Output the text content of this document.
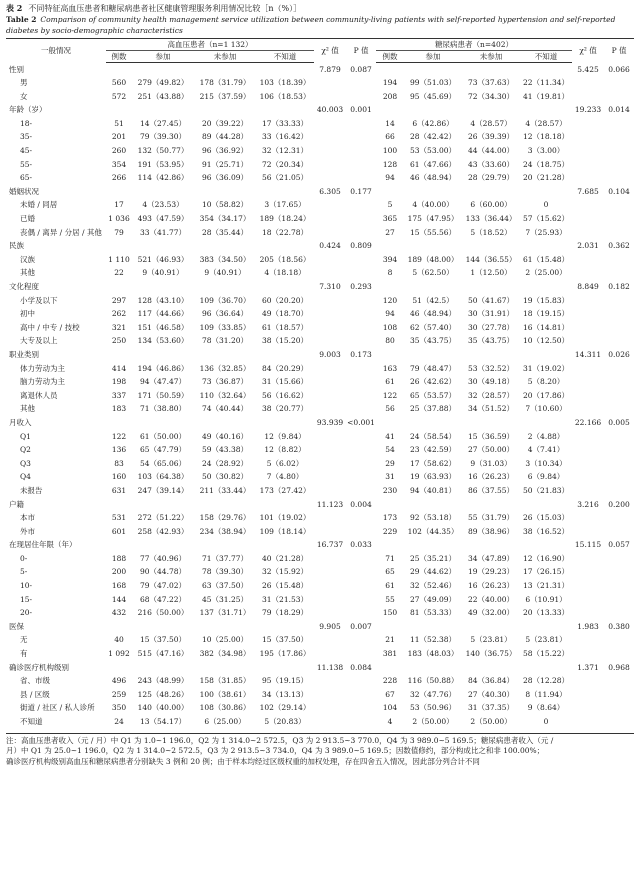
表 2 不同特征高血压患者和糖尿病患者社区健康管理服务利用情况比较［n（%）］
Table 2 Comparison of community health management service utilization between community-living patients with self-reported hypertension and self-reported diabetes by socio-demographic characteristics
一般情况	高血压患者（n=1 132）				χ² 值	P 值	糖尿病患者（n=402）				χ² 值	P 值
	例数	参加	未参加	不知道			例数	参加	未参加	不知道		
性别					7.879	0.087					5.425	0.066
男	560	279（49.82）	178（31.79）	103（18.39）			194	99（51.03）	73（37.63）	22（11.34）		
女	572	251（43.88）	215（37.59）	106（18.53）			208	95（45.69）	72（34.30）	41（19.81）		
年龄（岁）					40.003	0.001					19.233	0.014
18-	51	14（27.45）	20（39.22）	17（33.33）			14	6（42.86）	4（28.57）	4（28.57）		
35-	201	79（39.30）	89（44.28）	33（16.42）			66	28（42.42）	26（39.39）	12（18.18）		
45-	260	132（50.77）	96（36.92）	32（12.31）			100	53（53.00）	44（44.00）	3（3.00）		
55-	354	191（53.95）	91（25.71）	72（20.34）			128	61（47.66）	43（33.60）	24（18.75）		
65-	266	114（42.86）	96（36.09）	56（21.05）			94	46（48.94）	28（29.79）	20（21.28）		
婚姻状况					6.305	0.177					7.685	0.104
未婚 / 同居	17	4（23.53）	10（58.82）	3（17.65）			5	4（40.00）	6（60.00）	0		
已婚	1 036	493（47.59）	354（34.17）	189（18.24）			365	175（47.95）	133（36.44）	57（15.62）		
丧偶 / 离异 / 分居 / 其他	79	33（41.77）	28（35.44）	18（22.78）			27	15（55.56）	5（18.52）	7（25.93）		
民族					0.424	0.809					2.031	0.362
汉族	1 110	521（46.93）	383（34.50）	205（18.56）			394	189（48.00）	144（36.55）	61（15.48）		
其他	22	9（40.91）	9（40.91）	4（18.18）			8	5（62.50）	1（12.50）	2（25.00）		
文化程度					7.310	0.293					8.849	0.182
小学及以下	297	128（43.10）	109（36.70）	60（20.20）			120	51（42.5）	50（41.67）	19（15.83）		
初中	262	117（44.66）	96（36.64）	49（18.70）			94	46（48.94）	30（31.91）	18（19.15）		
高中 / 中专 / 技校	321	151（46.58）	109（33.85）	61（18.57）			108	62（57.40）	30（27.78）	16（14.81）		
大专及以上	250	134（53.60）	78（31.20）	38（15.20）			80	35（43.75）	35（43.75）	10（12.50）		
职业类别					9.003	0.173					14.311	0.026
体力劳动为主	414	194（46.86）	136（32.85）	84（20.29）			163	79（48.47）	53（32.52）	31（19.02）		
脑力劳动为主	198	94（47.47）	73（36.87）	31（15.66）			61	26（42.62）	30（49.18）	5（8.20）		
离退休人员	337	171（50.59）	110（32.64）	56（16.62）			122	65（53.57）	32（28.57）	20（17.86）		
其他	183	71（38.80）	74（40.44）	38（20.77）			56	25（37.88）	34（51.52）	7（10.60）		
月收入					93.939	<0.001					22.166	0.005
Q1	122	61（50.00）	49（40.16）	12（9.84）			41	24（58.54）	15（36.59）	2（4.88）		
Q2	136	65（47.79）	59（43.38）	12（8.82）			54	23（42.59）	27（50.00）	4（7.41）		
Q3	83	54（65.06）	24（28.92）	5（6.02）			29	17（58.62）	9（31.03）	3（10.34）		
Q4	160	103（64.38）	50（30.82）	7（4.80）			31	19（63.93）	16（26.23）	6（9.84）		
未报告	631	247（39.14）	211（33.44）	173（27.42）			230	94（40.81）	86（37.55）	50（21.83）		
户籍					11.123	0.004					3.216	0.200
本市	531	272（51.22）	158（29.76）	101（19.02）			173	92（53.18）	55（31.79）	26（15.03）		
外市	601	258（42.93）	234（38.94）	109（18.14）			229	102（44.35）	89（38.96）	38（16.52）		
在现居住年限（年）					16.737	0.033					15.115	0.057
0-	188	77（40.96）	71（37.77）	40（21.28）			71	25（35.21）	34（47.89）	12（16.90）		
5-	200	90（44.78）	78（39.30）	32（15.92）			65	29（44.62）	19（29.23）	17（26.15）		
10-	168	79（47.02）	63（37.50）	26（15.48）			61	32（52.46）	16（26.23）	13（21.31）		
15-	144	68（47.22）	45（31.25）	31（21.53）			55	27（49.09）	22（40.00）	6（10.91）		
20-	432	216（50.00）	137（31.71）	79（18.29）			150	81（53.33）	49（32.00）	20（13.33）		
医保					9.905	0.007					1.983	0.380
无	40	15（37.50）	10（25.00）	15（37.50）			21	11（52.38）	5（23.81）	5（23.81）		
有	1 092	515（47.16）	382（34.98）	195（17.86）			381	183（48.03）	140（36.75）	58（15.22）		
确诊医疗机构级别					11.138	0.084					1.371	0.968
省、市级	496	243（48.99）	158（31.85）	95（19.15）			228	116（50.88）	84（36.84）	28（12.28）		
县 / 区级	259	125（48.26）	100（38.61）	34（13.13）			67	32（47.76）	27（40.30）	8（11.94）		
街道 / 社区 / 私人诊所	350	140（40.00）	108（30.86）	102（29.14）			104	53（50.96）	31（37.35）	9（8.64）		
不知道	24	13（54.17）	6（25.00）	5（20.83）			4	2（50.00）	2（50.00）	0		
注：高血压患者收入（元 / 月）中 Q1 为 1.0~1 196.0，Q2 为 1 314.0~2 572.5，Q3 为 2 913.5~3 770.0，Q4 为 3 989.0~5 169.5；糖尿病患者收入（元 /
月）中 Q1 为 25.0~1 196.0，Q2 为 1 314.0~2 572.5，Q3 为 2 913.5~3 734.0，Q4 为 3 989.0~5 169.5；因数值修约，部分构成比之和非 100.00%；
确诊医疗机构级别高血压和糖尿病患者分别缺失 3 例和 20 例；由于样本均经过区级权重的加权处理，存在四舍五入情况，因此部分列合计不同
